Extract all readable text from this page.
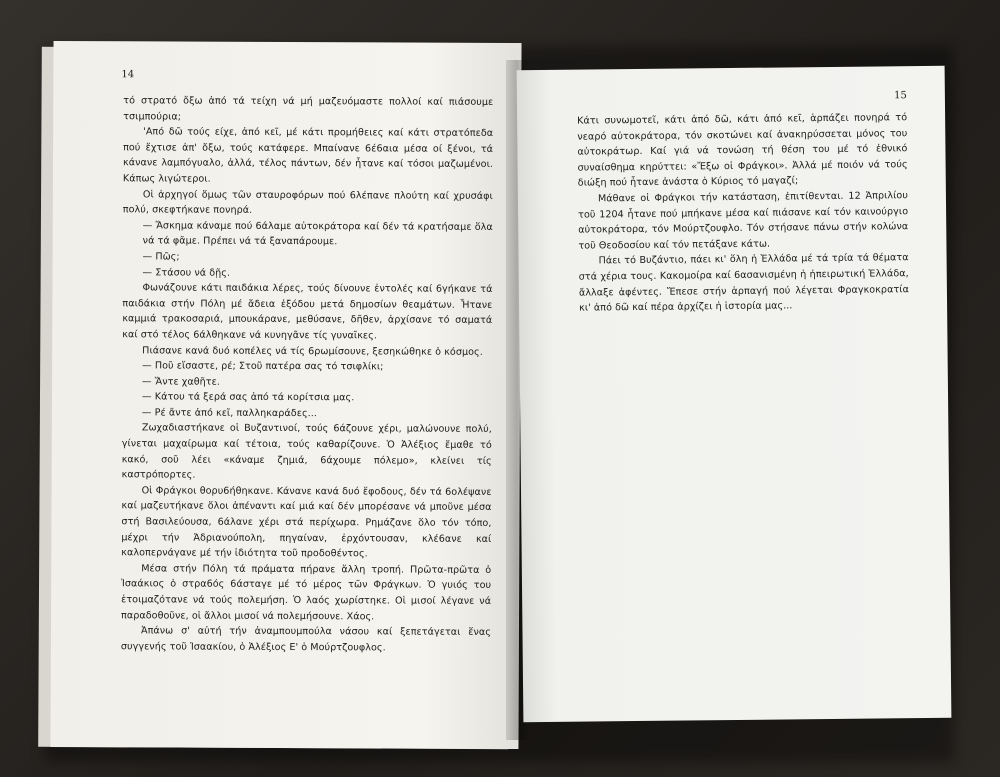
14

τό στρατό ὄξω ἀπό τά τείχη νά μή μαζευόμαστε πολλοί καί πιάσουμε τσιμπούρια;

'Από δῶ τούς είχε, ἀπό κεῖ, μέ κάτι προμήθειες καί κάτι στρατόπεδα πού ἔχτισε ἀπ' ὄξω, τούς κατάφερε. Μπαίνανε 6έ6αια μέσα οί ξένοι, τά κάνανε λαμπόγυαλο, ἀλλά, τέλος πάντων, δέν ἦτανε καί τόσοι μαζωμένοι. Κάπως λιγώτεροι.

Οἱ ἀρχηγοί ὅμως τῶν σταυροφόρων πού 6λέπανε πλούτη καί χρυσάφι πολύ, σκεφτήκανε πονηρά.

— Ἄσκημα κάναμε πού 6άλαμε αὐτοκράτορα καί δέν τά κρατήσαμε ὅλα νά τά φᾶμε. Πρέπει νά τά ξαναπάρουμε.

— Πῶς;

— Στάσου νά δῇς.

Φωνάζουνε κάτι παιδάκια λέρες, τούς δίνουνε ἐντολές καί 6γήκανε τά παιδάκια στήν Πόλη μέ ἄδεια ἐξόδου μετά δημοσίων θεαμάτων. Ἦτανε καμμιά τρακοσαριά, μπουκάρανε, μεθύσανε, δῆθεν, ἀρχίσανε τό σαματά καί στό τέλος 6άλθηκανε νά κυνηγᾶνε τίς γυναῖκες.

Πιάσανε κανά δυό κοπέλες νά τίς 6ρωμίσουνε, ξεσηκώθηκε ὁ κόσμος.

— Ποῦ εἴσαστε, ρέ; Στοῦ πατέρα σας τό τσιφλίκι;

— Ἄντε χαθῆτε.

— Κάτου τά ξερά σας ἀπό τά κορίτσια μας.

— Ρέ ἄντε ἀπό κεῖ, παλληκαράδες...

Ζωχαδιαστήκανε οἱ Βυζαντινοί, τούς 6άζουνε χέρι, μαλώνουνε πολύ, γίνεται μαχαίρωμα καί τέτοια, τούς καθαρίζουνε. Ὁ Ἀλέξιος ἔμαθε τό κακό, σοῦ λέει «κάναμε ζημιά, 6άχουμε πόλεμο», κλείνει τίς καστρόπορτες.

Οἱ Φράγκοι θορυ6ήθηκανε. Κάνανε κανά δυό ἔφοδους, δέν τά 6ολέψανε καί μαζευτήκανε ὅλοι ἀπέναντι καί μιά καί δέν μπορέσανε νά μποῦνε μέσα στή Βασιλεύουσα, 6άλανε χέρι στά περίχωρα. Ρημάζανε ὅλο τόν τόπο, μέχρι τήν Ἀδριανούπολη, πηγαίναν, ἐρχόντουσαν, κλέ6ανε καί καλοπερνάγανε μέ τήν ἰδιότητα τοῦ προδοθέντος.

Μέσα στήν Πόλη τά πράματα πήρανε ἄλλη τροπή. Πρῶτα-πρῶτα ὁ Ἰσαάκιος ὁ στρα6ός 6άσταγε μέ τό μέρος τῶν Φράγκων. Ὁ γυιός του ἑτοιμαζότανε νά τούς πολεμήση. Ὁ λαός χωρίστηκε. Οἱ μισοί λέγανε νά παραδοθοῦνε, οἱ ἄλλοι μισοί νά πολεμήσουνε. Χάος.

Ἀπάνω σ' αὐτή τήν ἀναμπουμπούλα νάσου καί ξεπετάγεται ἕνας συγγενής τοῦ Ἰσαακίου, ὁ Ἀλέξιος Ε' ὁ Μούρτζουφλος.

15

Κάτι συνωμοτεῖ, κάτι ἀπό δῶ, κάτι ἀπό κεῖ, ἁρπάζει πονηρά τό νεαρό αὐτοκράτορα, τόν σκοτώνει καί ἀνακηρύσσεται μόνος του αὐτοκράτωρ. Καί γιά νά τονώση τή θέση του μέ τό ἐθνικό συναίσθημα κηρύττει: «Ἔξω οἱ Φράγκοι». Ἀλλά μέ ποιόν νά τούς διώξη πού ἦτανε ἀνάστα ὁ Κύριος τό μαγαζί;

Μάθανε οἱ Φράγκοι τήν κατάσταση, ἐπιτίθενται. 12 Ἀπριλίου τοῦ 1204 ἦτανε πού μπήκανε μέσα καί πιάσανε καί τόν καινούργιο αὐτοκράτορα, τόν Μούρτζουφλο. Τόν στήσανε πάνω στήν κολώνα τοῦ Θεοδοσίου καί τόν πετάξανε κάτω.

Πάει τό Βυζάντιο, πάει κι' ὅλη ἡ Ἑλλάδα μέ τά τρία τά θέματα στά χέρια τους. Κακομοίρα καί 6ασανισμένη ἡ ἠπειρωτική Ἑλλάδα, ἄλλαξε ἀφέντες. Ἔπεσε στήν ἁρπαγή πού λέγεται Φραγκοκρατία κι' ἀπό δῶ καί πέρα ἀρχίζει ἡ ἱστορία μας...
